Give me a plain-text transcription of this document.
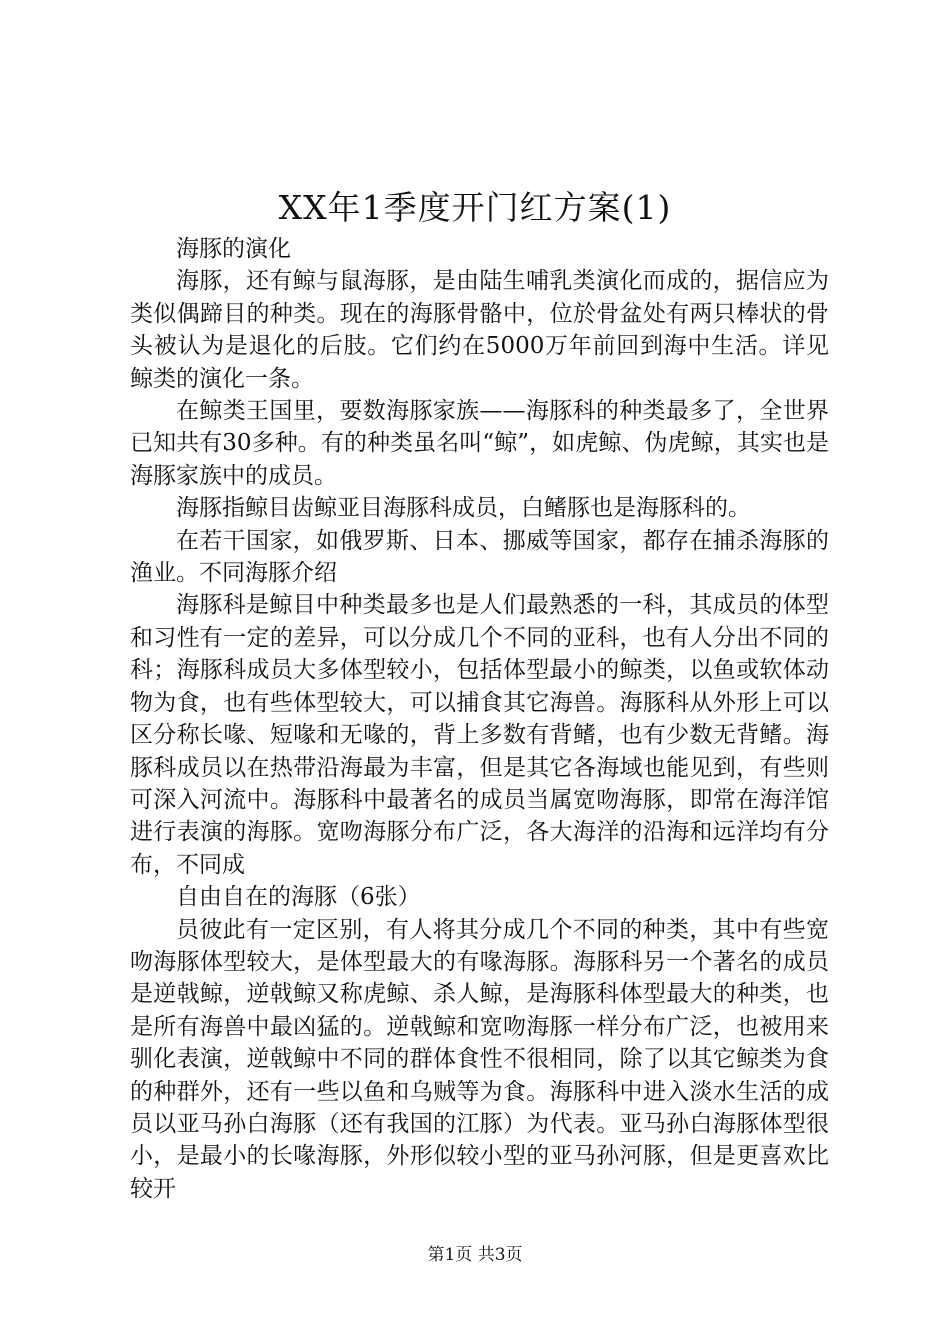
XX年1季度开门红方案(1)

海豚的演化

海豚，还有鲸与鼠海豚，是由陆生哺乳类演化而成的，据信应为类似偶蹄目的种类。现在的海豚骨骼中，位於骨盆处有两只棒状的骨头被认为是退化的后肢。它们约在5000万年前回到海中生活。详见鲸类的演化一条。

在鲸类王国里，要数海豚家族——海豚科的种类最多了，全世界已知共有30多种。有的种类虽名叫“鲸”，如虎鲸、伪虎鲸，其实也是海豚家族中的成员。

海豚指鲸目齿鲸亚目海豚科成员，白鳍豚也是海豚科的。

在若干国家，如俄罗斯、日本、挪威等国家，都存在捕杀海豚的渔业。不同海豚介绍

海豚科是鲸目中种类最多也是人们最熟悉的一科，其成员的体型和习性有一定的差异，可以分成几个不同的亚科，也有人分出不同的科；海豚科成员大多体型较小，包括体型最小的鲸类，以鱼或软体动物为食，也有些体型较大，可以捕食其它海兽。海豚科从外形上可以区分称长喙、短喙和无喙的，背上多数有背鳍，也有少数无背鳍。海豚科成员以在热带沿海最为丰富，但是其它各海域也能见到，有些则可深入河流中。海豚科中最著名的成员当属宽吻海豚，即常在海洋馆进行表演的海豚。宽吻海豚分布广泛，各大海洋的沿海和远洋均有分布，不同成

自由自在的海豚（6张）

员彼此有一定区别，有人将其分成几个不同的种类，其中有些宽吻海豚体型较大，是体型最大的有喙海豚。海豚科另一个著名的成员是逆戟鲸，逆戟鲸又称虎鲸、杀人鲸，是海豚科体型最大的种类，也是所有海兽中最凶猛的。逆戟鲸和宽吻海豚一样分布广泛，也被用来驯化表演，逆戟鲸中不同的群体食性不很相同，除了以其它鲸类为食的种群外，还有一些以鱼和乌贼等为食。海豚科中进入淡水生活的成员以亚马孙白海豚（还有我国的江豚）为代表。亚马孙白海豚体型很小，是最小的长喙海豚，外形似较小型的亚马孙河豚，但是更喜欢比较开

第1页 共3页
